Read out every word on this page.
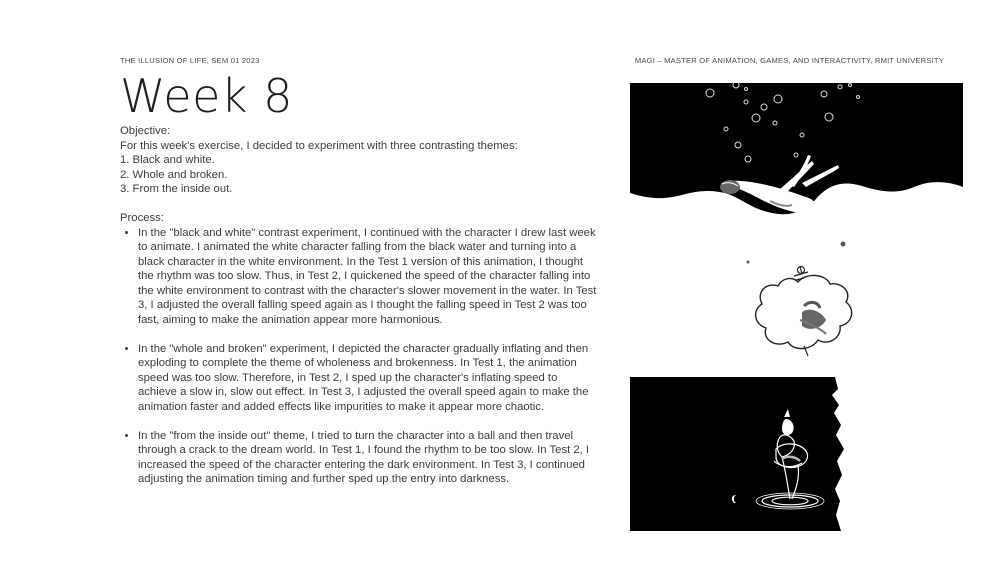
THE ILLUSION OF LIFE, SEM 01 2023	MAGI – MASTER OF ANIMATION, GAMES, AND INTERACTIVITY, RMIT UNIVERSITY
Week 8

Objective:

For this week's exercise, I decided to experiment with three contrasting themes:

1. Black and white.

2. Whole and broken.

3. From the inside out.

Process:

• In the "black and white" contrast experiment, I continued with the character I drew last week to animate. I animated the white character falling from the black water and turning into a black character in the white environment. In the Test 1 version of this animation, I thought the rhythm was too slow. Thus, in Test 2, I quickened the speed of the character falling into the white environment to contrast with the character's slower movement in the water. In Test 3, I adjusted the overall falling speed again as I thought the falling speed in Test 2 was too fast, aiming to make the animation appear more harmonious.
• In the "whole and broken" experiment, I depicted the character gradually inflating and then exploding to complete the theme of wholeness and brokenness. In Test 1, the animation speed was too slow. Therefore, in Test 2, I sped up the character's inflating speed to achieve a slow in, slow out effect. In Test 3, I adjusted the overall speed again to make the animation faster and added effects like impurities to make it appear more chaotic.
• In the "from the inside out" theme, I tried to turn the character into a ball and then travel through a crack to the dream world. In Test 1, I found the rhythm to be too slow. In Test 2, I increased the speed of the character entering the dark environment. In Test 3, I continued adjusting the animation timing and further sped up the entry into darkness.
